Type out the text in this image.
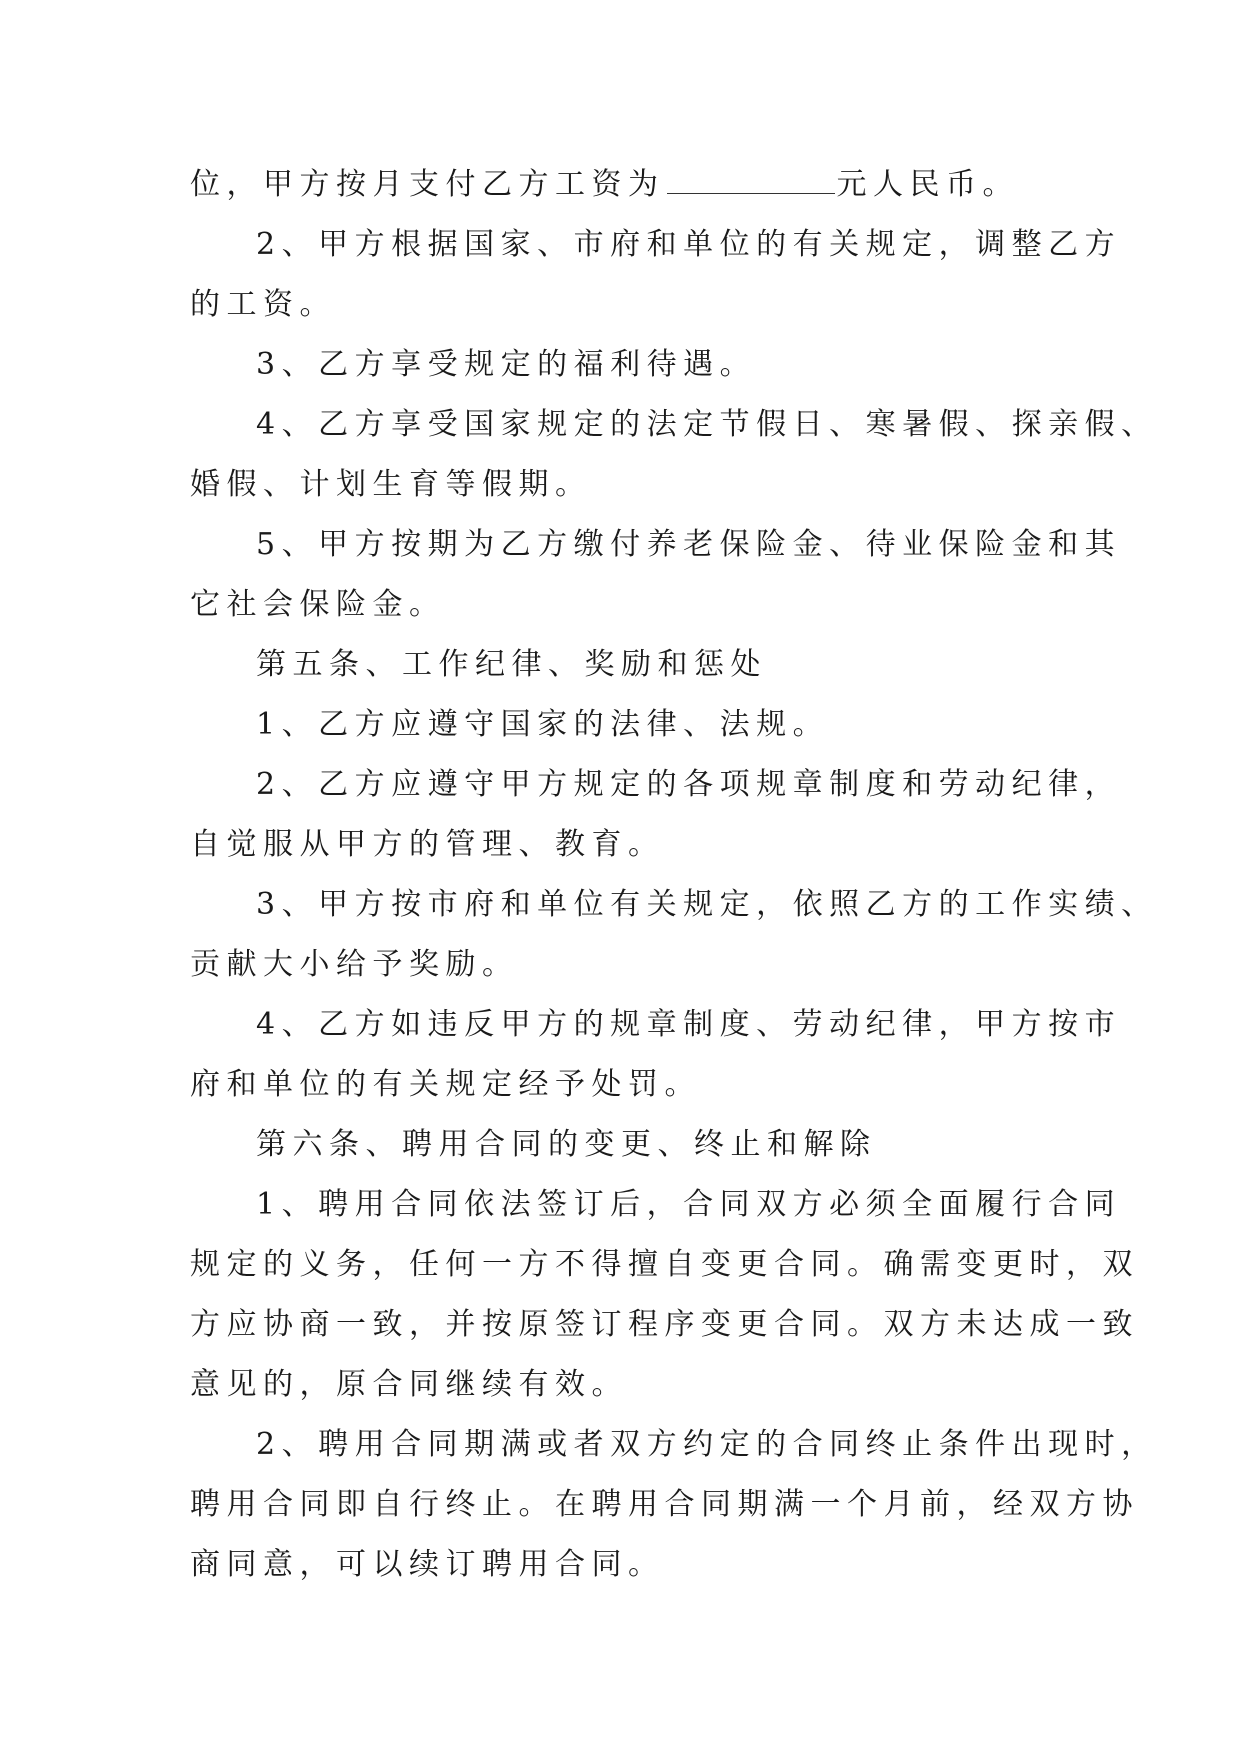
位，甲方按月支付乙方工资为	元人民币。
2、甲方根据国家、市府和单位的有关规定，调整乙方
的工资。
3、乙方享受规定的福利待遇。
4、乙方享受国家规定的法定节假日、寒暑假、探亲假、
婚假、计划生育等假期。
5、甲方按期为乙方缴付养老保险金、待业保险金和其
它社会保险金。
第五条、工作纪律、奖励和惩处
1、乙方应遵守国家的法律、法规。
2、乙方应遵守甲方规定的各项规章制度和劳动纪律，
自觉服从甲方的管理、教育。
3、甲方按市府和单位有关规定，依照乙方的工作实绩、
贡献大小给予奖励。
4、乙方如违反甲方的规章制度、劳动纪律，甲方按市
府和单位的有关规定经予处罚。
第六条、聘用合同的变更、终止和解除
1、聘用合同依法签订后，合同双方必须全面履行合同
规定的义务，任何一方不得擅自变更合同。确需变更时，双
方应协商一致，并按原签订程序变更合同。双方未达成一致
意见的，原合同继续有效。
2、聘用合同期满或者双方约定的合同终止条件出现时，
聘用合同即自行终止。在聘用合同期满一个月前，经双方协
商同意，可以续订聘用合同。
